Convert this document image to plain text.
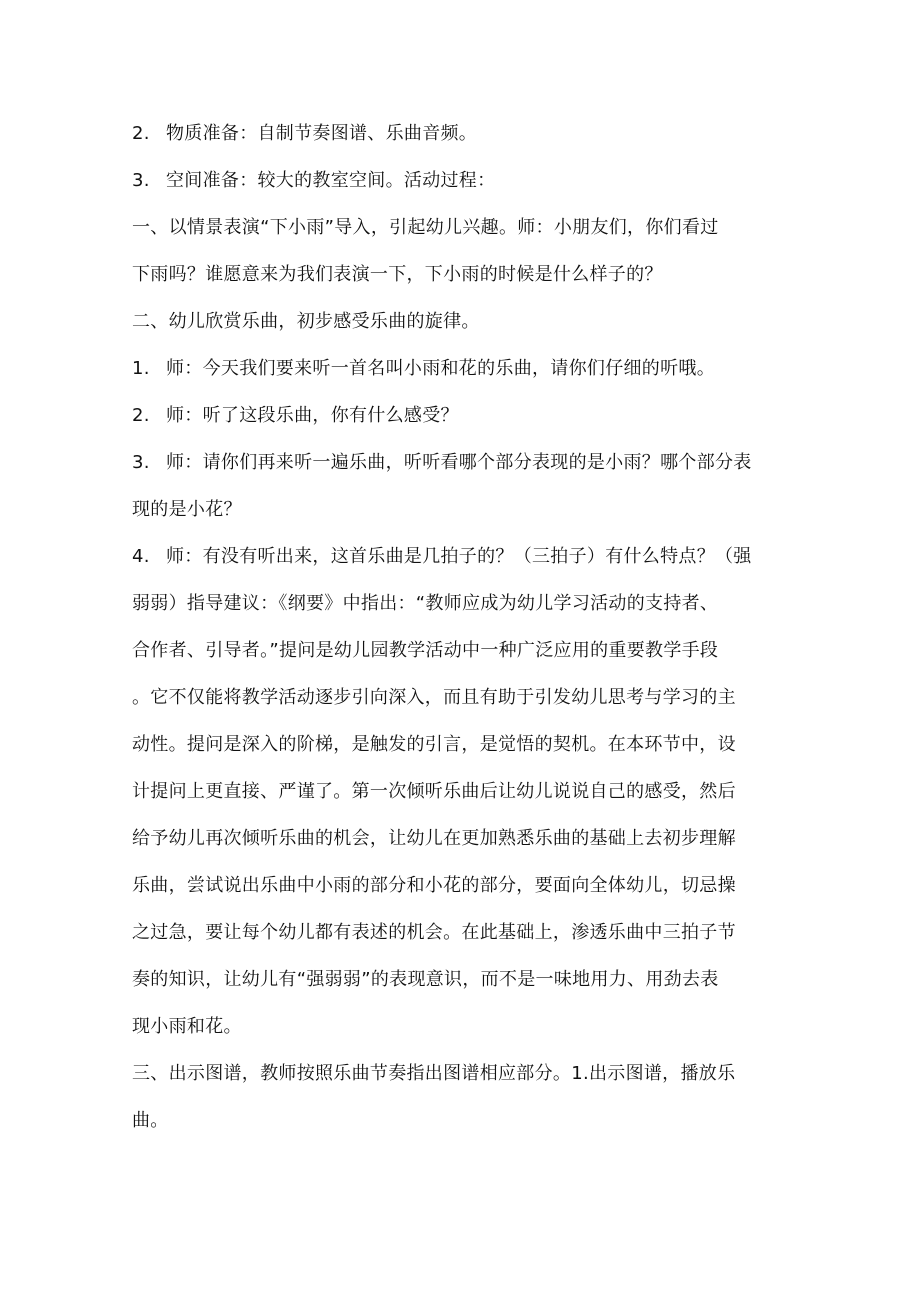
2. 物质准备：自制节奏图谱、乐曲音频。
3. 空间准备：较大的教室空间。活动过程：
一、以情景表演“下小雨”导入，引起幼儿兴趣。师：小朋友们，你们看过
下雨吗？谁愿意来为我们表演一下，下小雨的时候是什么样子的？
二、幼儿欣赏乐曲，初步感受乐曲的旋律。
1. 师：今天我们要来听一首名叫小雨和花的乐曲，请你们仔细的听哦。
2. 师：听了这段乐曲，你有什么感受？
3. 师：请你们再来听一遍乐曲，听听看哪个部分表现的是小雨？哪个部分表
现的是小花？
4. 师：有没有听出来，这首乐曲是几拍子的？（三拍子）有什么特点？（强
弱弱）指导建议：《纲要》中指出：“教师应成为幼儿学习活动的支持者、
合作者、引导者。”提问是幼儿园教学活动中一种广泛应用的重要教学手段
。它不仅能将教学活动逐步引向深入，而且有助于引发幼儿思考与学习的主
动性。提问是深入的阶梯，是触发的引言，是觉悟的契机。在本环节中，设
计提问上更直接、严谨了。第一次倾听乐曲后让幼儿说说自己的感受，然后
给予幼儿再次倾听乐曲的机会，让幼儿在更加熟悉乐曲的基础上去初步理解
乐曲，尝试说出乐曲中小雨的部分和小花的部分，要面向全体幼儿，切忌操
之过急，要让每个幼儿都有表述的机会。在此基础上，渗透乐曲中三拍子节
奏的知识，让幼儿有“强弱弱”的表现意识，而不是一味地用力、用劲去表
现小雨和花。
三、出示图谱，教师按照乐曲节奏指出图谱相应部分。1.出示图谱，播放乐
曲。
